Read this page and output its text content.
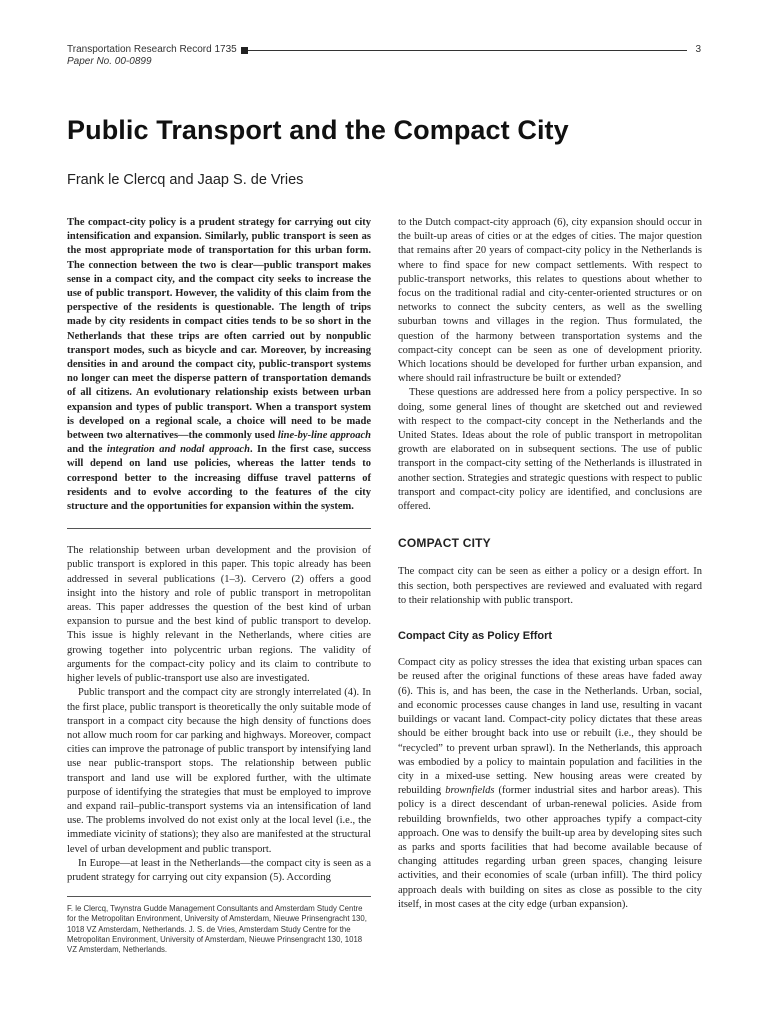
Transportation Research Record 1735	3
Paper No. 00-0899
Public Transport and the Compact City
Frank le Clercq and Jaap S. de Vries

The compact-city policy is a prudent strategy for carrying out city intensification and expansion. Similarly, public transport is seen as the most appropriate mode of transportation for this urban form. The connection between the two is clear—public transport makes sense in a compact city, and the compact city seeks to increase the use of public transport. However, the validity of this claim from the perspective of the residents is questionable. The length of trips made by city residents in compact cities tends to be so short in the Netherlands that these trips are often carried out by nonpublic transport modes, such as bicycle and car. Moreover, by increasing densities in and around the compact city, public-transport systems no longer can meet the disperse pattern of transportation demands of all citizens. An evolutionary relationship exists between urban expansion and types of public transport. When a transport system is developed on a regional scale, a choice will need to be made between two alternatives—the commonly used line-by-line approach and the integration and nodal approach. In the first case, success will depend on land use policies, whereas the latter tends to correspond better to the increasing diffuse travel patterns of residents and to evolve according to the features of the city structure and the opportunities for expansion within the system.

The relationship between urban development and the provision of public transport is explored in this paper. This topic already has been addressed in several publications (1–3). Cervero (2) offers a good insight into the history and role of public transport in metropolitan areas. This paper addresses the question of the best kind of urban expansion to pursue and the best kind of public transport to develop. This issue is highly relevant in the Netherlands, where cities are growing together into polycentric urban regions. The validity of arguments for the compact-city policy and its claim to contribute to higher levels of public-transport use also are investigated.

Public transport and the compact city are strongly interrelated (4). In the first place, public transport is theoretically the only suitable mode of transport in a compact city because the high density of functions does not allow much room for car parking and highways. Moreover, compact cities can improve the patronage of public transport by intensifying land use near public-transport stops. The relationship between public transport and land use will be explored further, with the ultimate purpose of identifying the strategies that must be employed to improve and expand rail–public-transport systems via an intensification of land use. The problems involved do not exist only at the local level (i.e., the immediate vicinity of stations); they also are manifested at the structural level of urban development and public transport.

In Europe—at least in the Netherlands—the compact city is seen as a prudent strategy for carrying out city expansion (5). According

F. le Clercq, Twynstra Gudde Management Consultants and Amsterdam Study Centre for the Metropolitan Environment, University of Amsterdam, Nieuwe Prinsengracht 130, 1018 VZ Amsterdam, Netherlands. J. S. de Vries, Amsterdam Study Centre for the Metropolitan Environment, University of Amsterdam, Nieuwe Prinsengracht 130, 1018 VZ Amsterdam, Netherlands.

to the Dutch compact-city approach (6), city expansion should occur in the built-up areas of cities or at the edges of cities. The major question that remains after 20 years of compact-city policy in the Netherlands is where to find space for new compact settlements. With respect to public-transport networks, this relates to questions about whether to focus on the traditional radial and city-center-oriented structures or on networks to connect the subcity centers, as well as the swelling suburban towns and villages in the region. Thus formulated, the question of the harmony between transportation systems and the compact-city concept can be seen as one of development priority. Which locations should be developed for further urban expansion, and where should rail infrastructure be built or extended?

These questions are addressed here from a policy perspective. In so doing, some general lines of thought are sketched out and reviewed with respect to the compact-city concept in the Netherlands and the United States. Ideas about the role of public transport in metropolitan growth are elaborated on in subsequent sections. The use of public transport in the compact-city setting of the Netherlands is illustrated in another section. Strategies and strategic questions with respect to public transport and compact-city policy are identified, and conclusions are offered.

COMPACT CITY

The compact city can be seen as either a policy or a design effort. In this section, both perspectives are reviewed and evaluated with regard to their relationship with public transport.

Compact City as Policy Effort

Compact city as policy stresses the idea that existing urban spaces can be reused after the original functions of these areas have faded away (6). This is, and has been, the case in the Netherlands. Urban, social, and economic processes cause changes in land use, resulting in vacant buildings or vacant land. Compact-city policy dictates that these areas should be either brought back into use or rebuilt (i.e., they should be “recycled” to prevent urban sprawl). In the Netherlands, this approach was embodied by a policy to maintain population and facilities in the city in a mixed-use setting. New housing areas were created by rebuilding brownfields (former industrial sites and harbor areas). This policy is a direct descendant of urban-renewal policies. Aside from rebuilding brownfields, two other approaches typify a compact-city approach. One was to densify the built-up area by developing sites such as parks and sports facilities that had become available because of changing attitudes regarding urban green spaces, changing leisure activities, and their economies of scale (urban infill). The third policy approach deals with building on sites as close as possible to the city itself, in most cases at the city edge (urban expansion).
